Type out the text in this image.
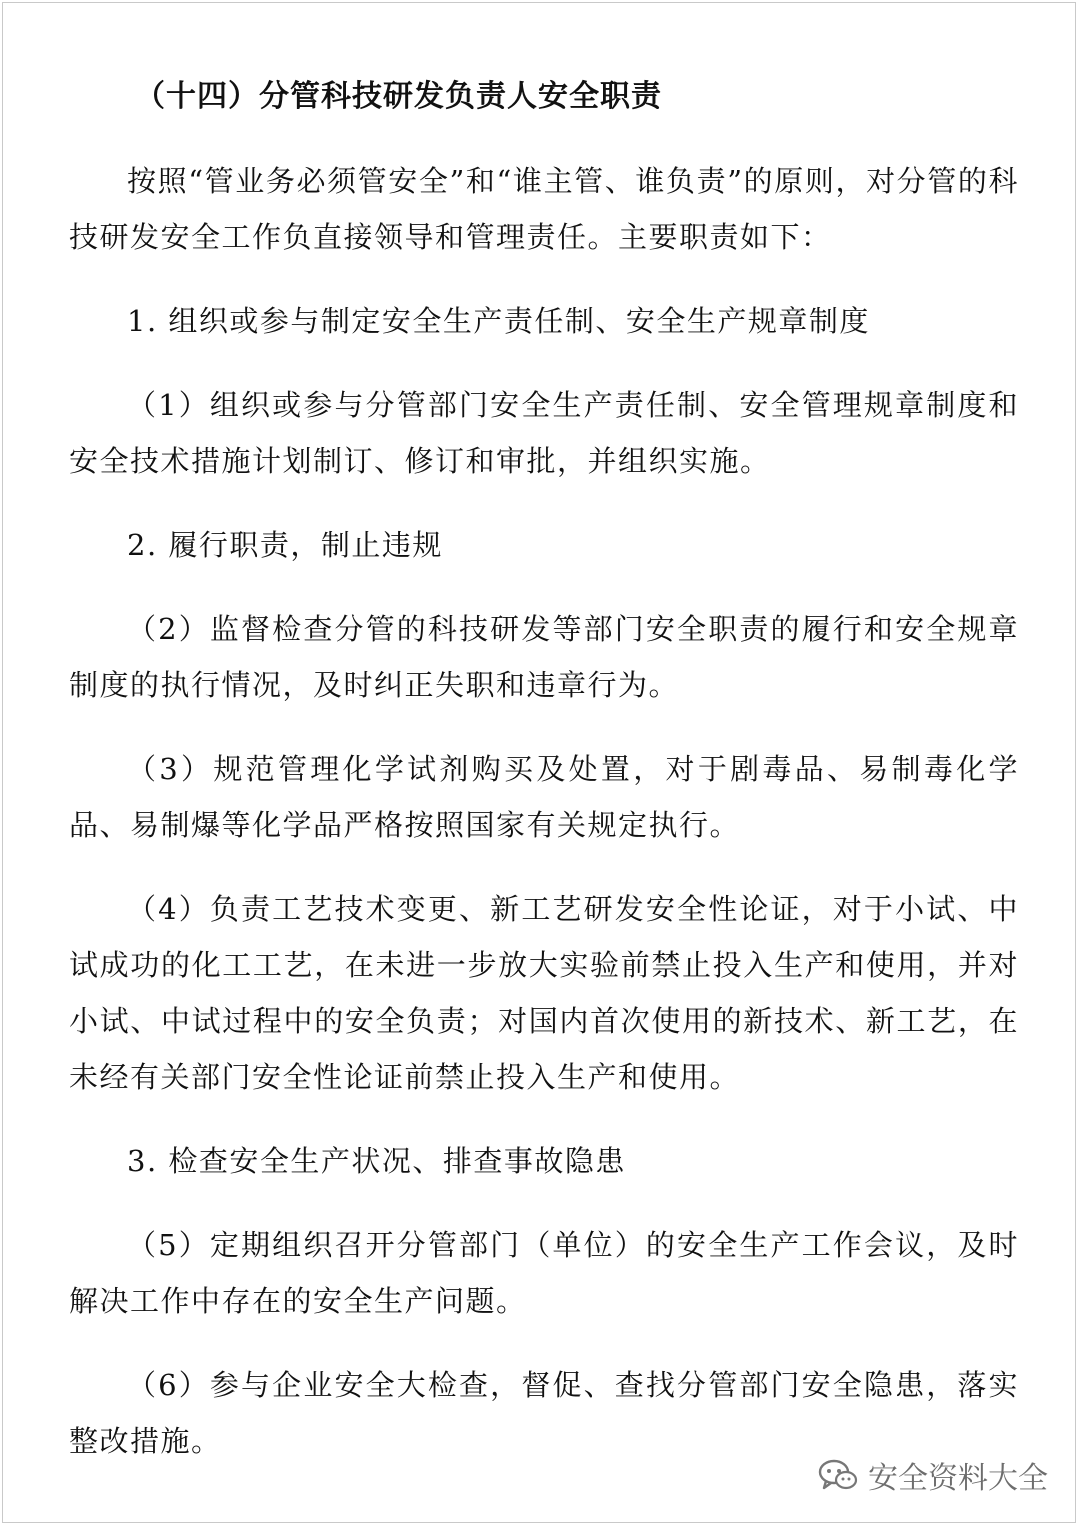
（十四）分管科技研发负责人安全职责

按照“管业务必须管安全”和“谁主管、谁负责”的原则，对分管的科技研发安全工作负直接领导和管理责任。主要职责如下：

1. 组织或参与制定安全生产责任制、安全生产规章制度

（1）组织或参与分管部门安全生产责任制、安全管理规章制度和安全技术措施计划制订、修订和审批，并组织实施。

2. 履行职责，制止违规

（2）监督检查分管的科技研发等部门安全职责的履行和安全规章制度的执行情况，及时纠正失职和违章行为。

（3）规范管理化学试剂购买及处置，对于剧毒品、易制毒化学品、易制爆等化学品严格按照国家有关规定执行。

（4）负责工艺技术变更、新工艺研发安全性论证，对于小试、中试成功的化工工艺，在未进一步放大实验前禁止投入生产和使用，并对小试、中试过程中的安全负责；对国内首次使用的新技术、新工艺，在未经有关部门安全性论证前禁止投入生产和使用。

3. 检查安全生产状况、排查事故隐患

（5）定期组织召开分管部门（单位）的安全生产工作会议，及时解决工作中存在的安全生产问题。

（6）参与企业安全大检查，督促、查找分管部门安全隐患，落实整改措施。

安全资料大全
